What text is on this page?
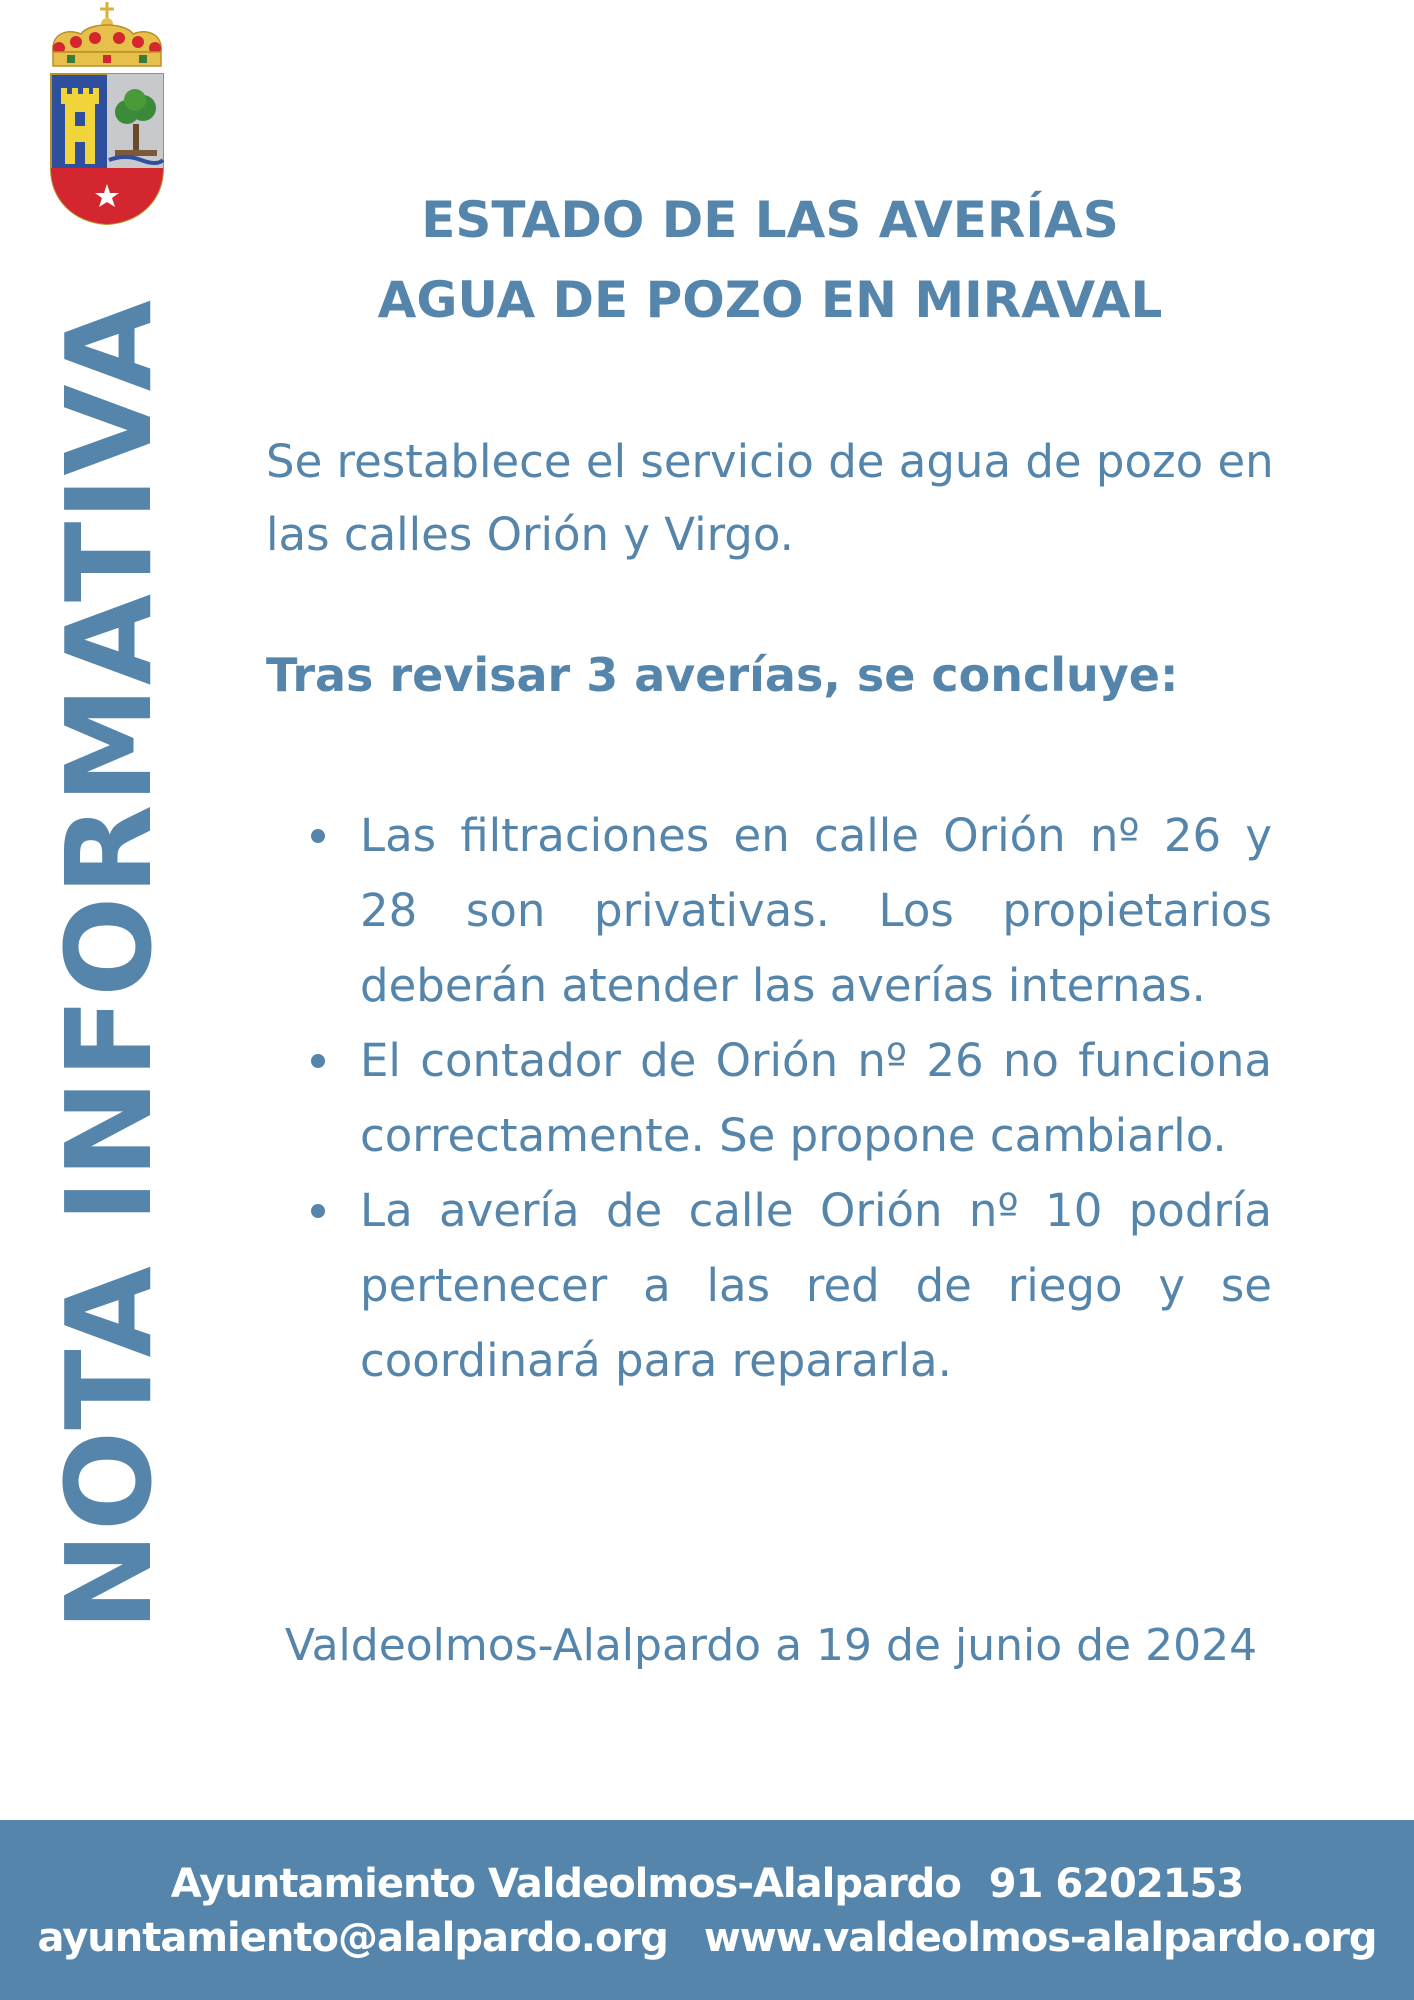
NOTA INFORMATIVA
ESTADO DE LAS AVERÍAS
AGUA DE POZO EN MIRAVAL
Se restablece el servicio de agua de pozo en las calles Orión y Virgo.
Tras revisar 3 averías, se concluye:
Las filtraciones en calle Orión nº 26 y 28 son privativas. Los propietarios deberán atender las averías internas.
El contador de Orión nº 26 no funciona correctamente. Se propone cambiarlo.
La avería de calle Orión nº 10 podría pertenecer a las red de riego y se coordinará para repararla.
Valdeolmos-Alalpardo a 19 de junio de 2024
Ayuntamiento Valdeolmos-Alalpardo 91 6202153
ayuntamiento@alalpardo.org www.valdeolmos-alalpardo.org
